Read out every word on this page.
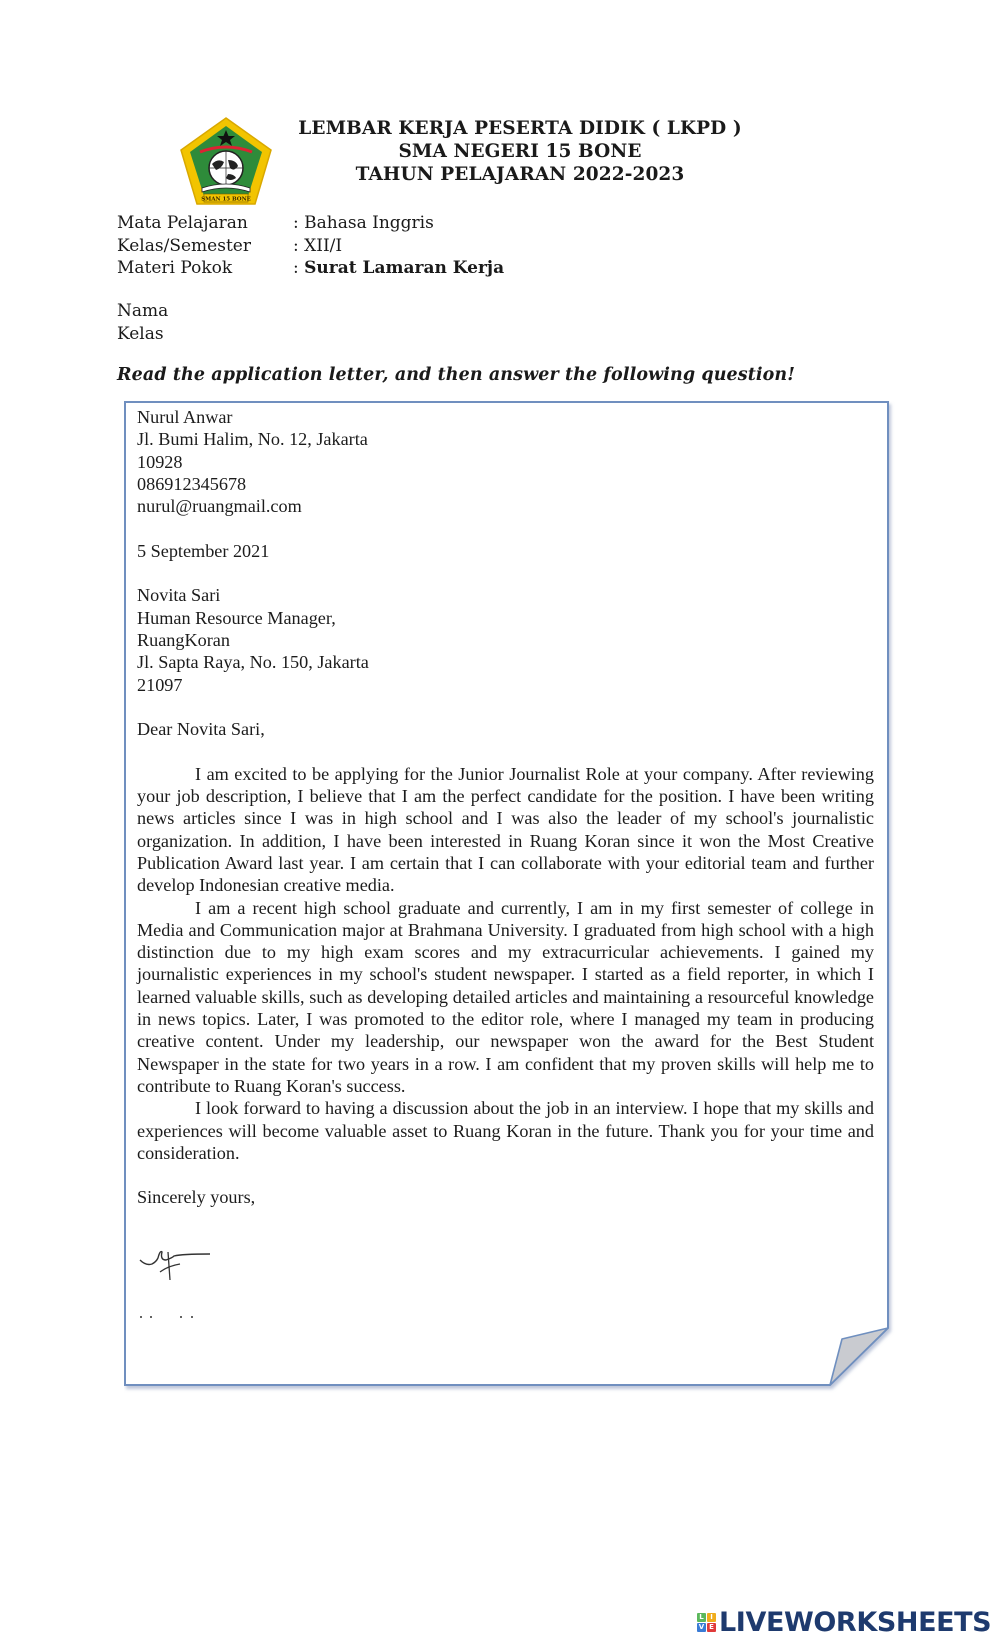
SMAN 15 BONE
LEMBAR KERJA PESERTA DIDIK ( LKPD )
SMA NEGERI 15 BONE
TAHUN PELAJARAN 2022-2023
Mata Pelajaran	: Bahasa Inggris
Kelas/Semester	: XII/I
Materi Pokok	: Surat Lamaran Kerja
Nama
Kelas
Read the application letter, and then answer the following question!
Nurul Anwar
Jl. Bumi Halim, No. 12, Jakarta
10928
086912345678
nurul@ruangmail.com
5 September 2021
Novita Sari
Human Resource Manager,
RuangKoran
Jl. Sapta Raya, No. 150, Jakarta
21097
Dear Novita Sari,

I am excited to be applying for the Junior Journalist Role at your company. After reviewing your job description, I believe that I am the perfect candidate for the position. I have been writing news articles since I was in high school and I was also the leader of my school's journalistic organization. In addition, I have been interested in Ruang Koran since it won the Most Creative Publication Award last year. I am certain that I can collaborate with your editorial team and further develop Indonesian creative media.

I am a recent high school graduate and currently, I am in my first semester of college in Media and Communication major at Brahmana University. I graduated from high school with a high distinction due to my high exam scores and my extracurricular achievements. I gained my journalistic experiences in my school's student newspaper. I started as a field reporter, in which I learned valuable skills, such as developing detailed articles and maintaining a resourceful knowledge in news topics. Later, I was promoted to the editor role, where I managed my team in producing creative content. Under my leadership, our newspaper won the award for the Best Student Newspaper in the state for two years in a row. I am confident that my proven skills will help me to contribute to Ruang Koran's success.

I look forward to having a discussion about the job in an interview. I hope that my skills and experiences will become valuable asset to Ruang Koran in the future. Thank you for your time and consideration.

Sincerely yours,
L I
V E LIVEWORKSHEETS
